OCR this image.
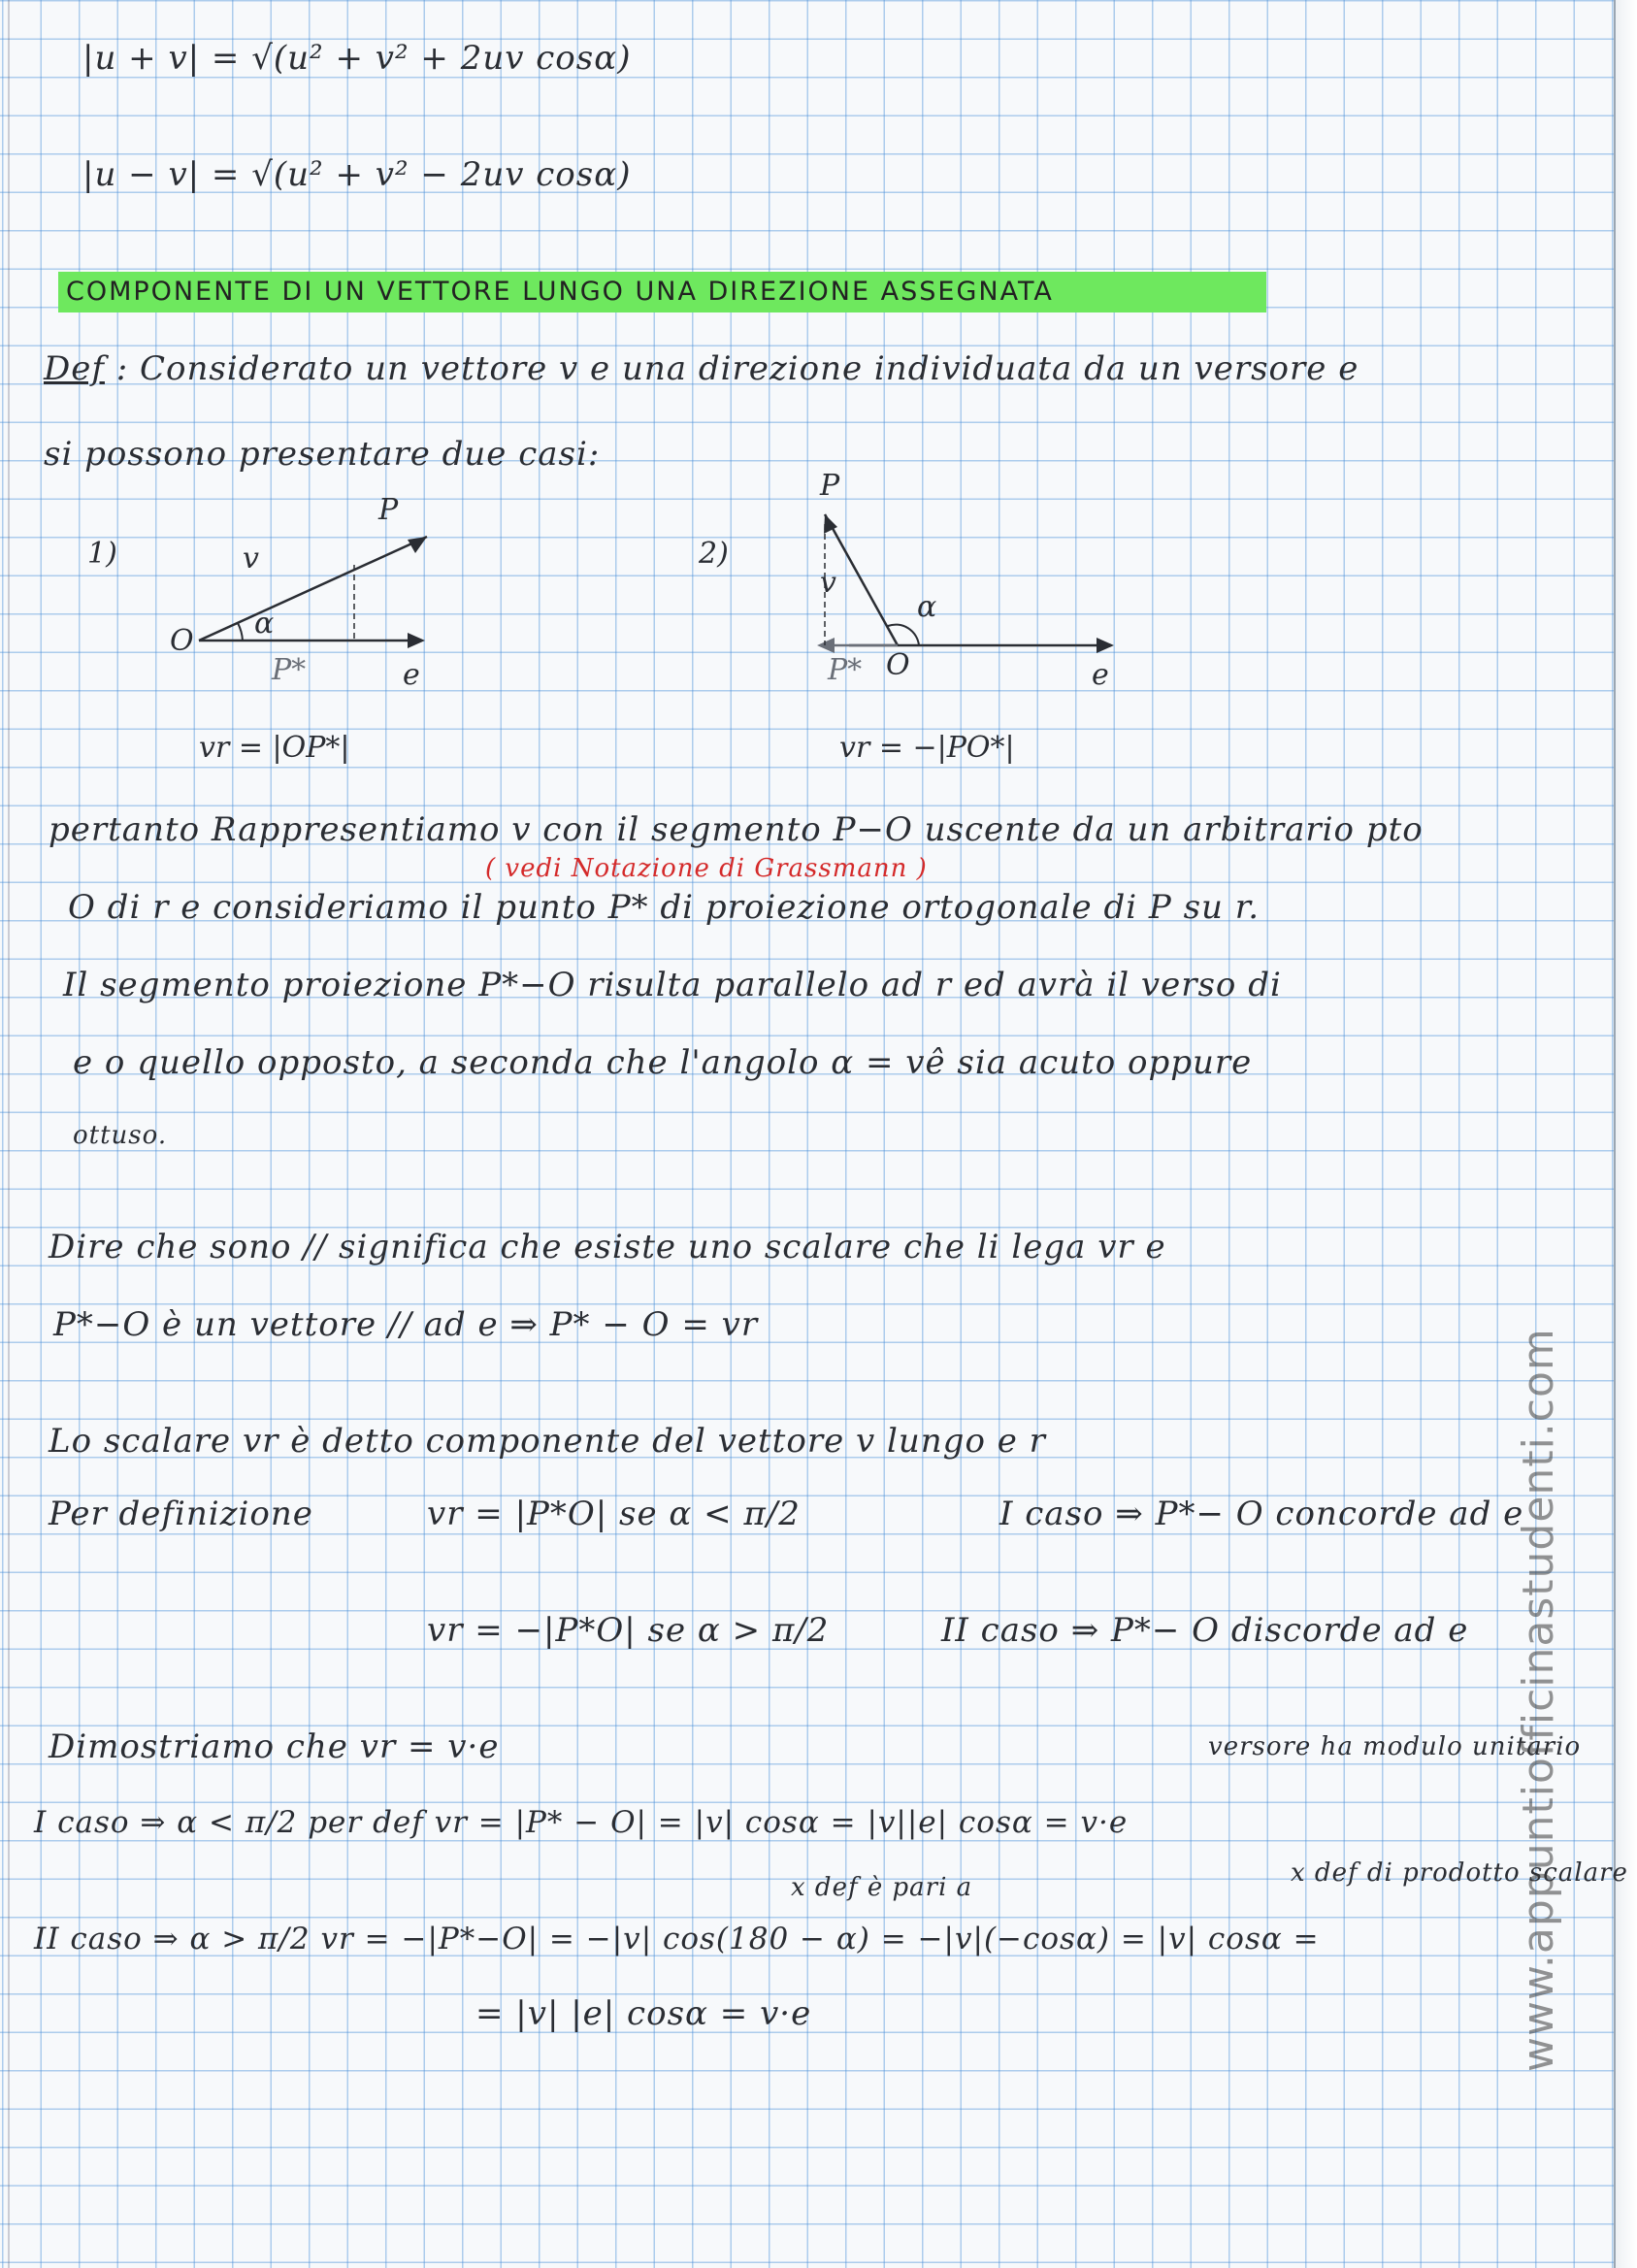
|u + v| = √(u² + v² + 2uv cosα)
|u − v| = √(u² + v² − 2uv cosα)
COMPONENTE DI UN VETTORE LUNGO UNA DIREZIONE ASSEGNATA
Def : Considerato un vettore v e una direzione individuata da un versore e
si possono presentare due casi:
1)	v
P
O
α
P*	e
vr = |OP*|
2)
P
v
α
P* O	e
vr = −|PO*|
pertanto Rappresentiamo v con il segmento P−O uscente da un arbitrario pto
( vedi Notazione di Grassmann )
O di r e consideriamo il punto P* di proiezione ortogonale di P su r.
Il segmento proiezione P*−O risulta parallelo ad r ed avrà il verso di
e o quello opposto, a seconda che l'angolo α = vê sia acuto oppure
ottuso.
Dire che sono // significa che esiste uno scalare che li lega vr e
P*−O è un vettore // ad e ⇒ P* − O = vr
Lo scalare vr è detto componente del vettore v lungo e r
Per definizione	vr = |P*O| se α < π/2	I caso ⇒ P*− O concorde ad e
vr = −|P*O| se α > π/2	II caso ⇒ P*− O discorde ad e
Dimostriamo che vr = v·e	versore ha modulo unitario
I caso ⇒ α < π/2 per def vr = |P* − O| = |v| cosα = |v||e| cosα = v·e
x def è pari a	x def di prodotto scalare
II caso ⇒ α > π/2 vr = −|P*−O| = −|v| cos(180 − α) = −|v|(−cosα) = |v| cosα =
= |v| |e| cosα = v·e	www.appuntiofficinastudenti.com
